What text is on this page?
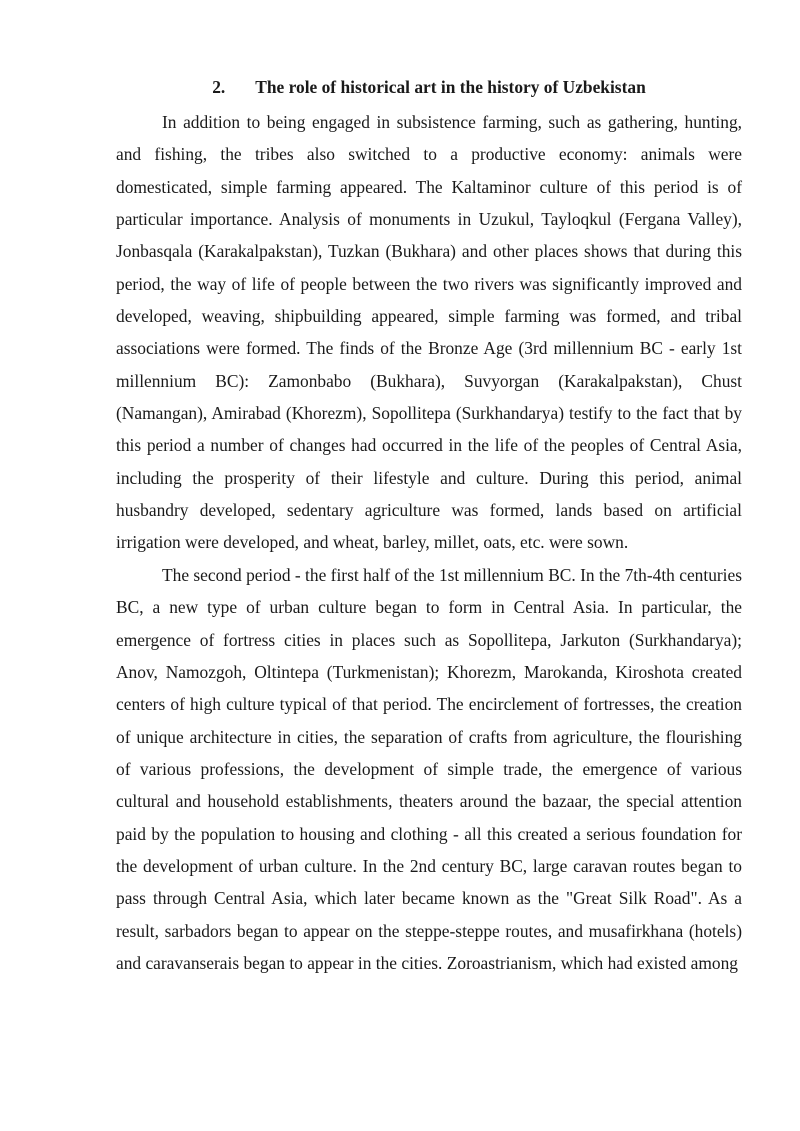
2. The role of historical art in the history of Uzbekistan

In addition to being engaged in subsistence farming, such as gathering, hunting, and fishing, the tribes also switched to a productive economy: animals were domesticated, simple farming appeared. The Kaltaminor culture of this period is of particular importance. Analysis of monuments in Uzukul, Tayloqkul (Fergana Valley), Jonbasqala (Karakalpakstan), Tuzkan (Bukhara) and other places shows that during this period, the way of life of people between the two rivers was significantly improved and developed, weaving, shipbuilding appeared, simple farming was formed, and tribal associations were formed. The finds of the Bronze Age (3rd millennium BC - early 1st millennium BC): Zamonbabo (Bukhara), Suvyorgan (Karakalpakstan), Chust (Namangan), Amirabad (Khorezm), Sopollitepa (Surkhandarya) testify to the fact that by this period a number of changes had occurred in the life of the peoples of Central Asia, including the prosperity of their lifestyle and culture. During this period, animal husbandry developed, sedentary agriculture was formed, lands based on artificial irrigation were developed, and wheat, barley, millet, oats, etc. were sown.

The second period - the first half of the 1st millennium BC. In the 7th-4th centuries BC, a new type of urban culture began to form in Central Asia. In particular, the emergence of fortress cities in places such as Sopollitepa, Jarkuton (Surkhandarya); Anov, Namozgoh, Oltintepa (Turkmenistan); Khorezm, Marokanda, Kiroshota created centers of high culture typical of that period. The encirclement of fortresses, the creation of unique architecture in cities, the separation of crafts from agriculture, the flourishing of various professions, the development of simple trade, the emergence of various cultural and household establishments, theaters around the bazaar, the special attention paid by the population to housing and clothing - all this created a serious foundation for the development of urban culture. In the 2nd century BC, large caravan routes began to pass through Central Asia, which later became known as the "Great Silk Road". As a result, sarbadors began to appear on the steppe-steppe routes, and musafirkhana (hotels) and caravanserais began to appear in the cities. Zoroastrianism, which had existed among
